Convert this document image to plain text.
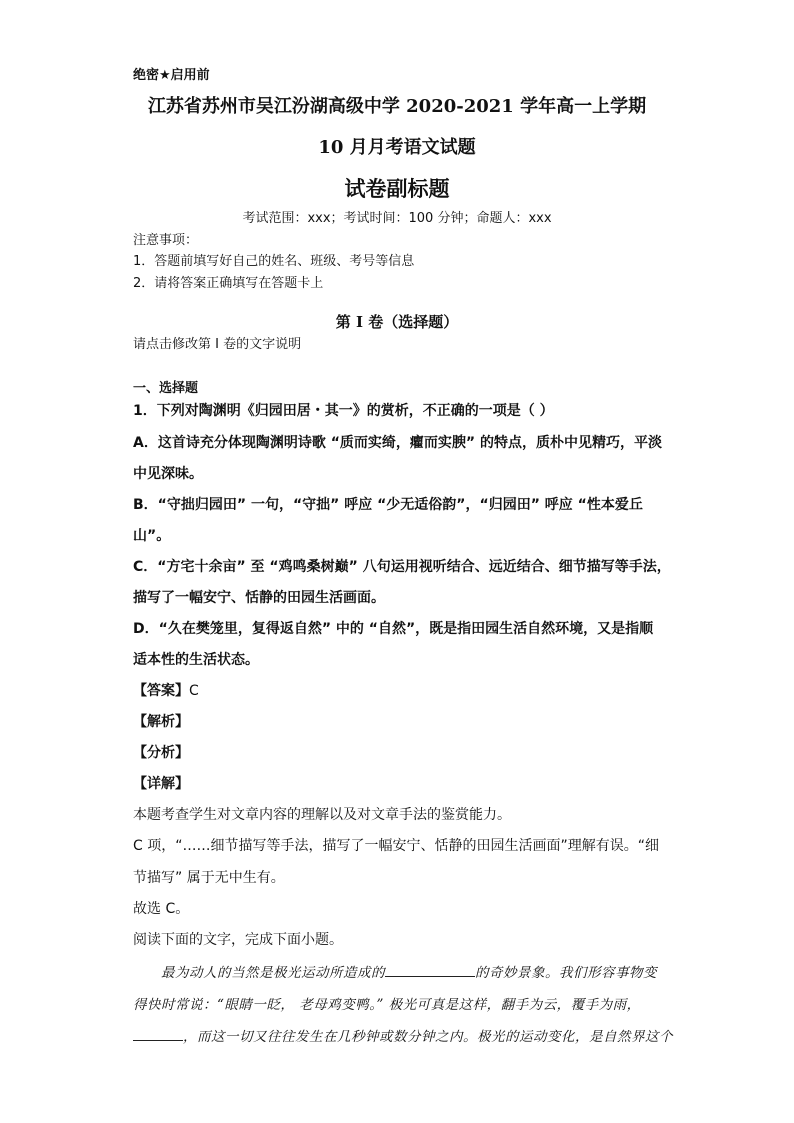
绝密★启用前
江苏省苏州市吴江汾湖高级中学 2020-2021 学年高一上学期
10 月月考语文试题
试卷副标题
考试范围：xxx；考试时间：100 分钟；命题人：xxx
注意事项：
1．答题前填写好自己的姓名、班级、考号等信息
2．请将答案正确填写在答题卡上
第 I 卷（选择题）
请点击修改第 I 卷的文字说明
一、选择题
1．下列对陶渊明《归园田居・其一》的赏析，不正确的一项是（ ）
A．这首诗充分体现陶渊明诗歌 “质而实绮，癯而实腴” 的特点，质朴中见精巧，平淡
中见深味。
B．“守拙归园田” 一句，“守拙” 呼应 “少无适俗韵”，“归园田” 呼应 “性本爱丘
山”。
C．“方宅十余亩” 至 “鸡鸣桑树巅” 八句运用视听结合、远近结合、细节描写等手法，
描写了一幅安宁、恬静的田园生活画面。
D．“久在樊笼里，复得返自然” 中的 “自然”，既是指田园生活自然环境，又是指顺
适本性的生活状态。
【答案】C
【解析】
【分析】
【详解】
本题考查学生对文章内容的理解以及对文章手法的鉴赏能力。
C 项，“……细节描写等手法，描写了一幅安宁、恬静的田园生活画面”理解有误。“细
节描写” 属于无中生有。
故选 C。
阅读下面的文字，完成下面小题。
最为动人的当然是极光运动所造成的	的奇妙景象。我们形容事物变
得快时常说：“眼睛一眨， 老母鸡变鸭。” 极光可真是这样，翻手为云，覆手为雨，
，而这一切又往往发生在几秒钟或数分钟之内。极光的运动变化，是自然界这个
